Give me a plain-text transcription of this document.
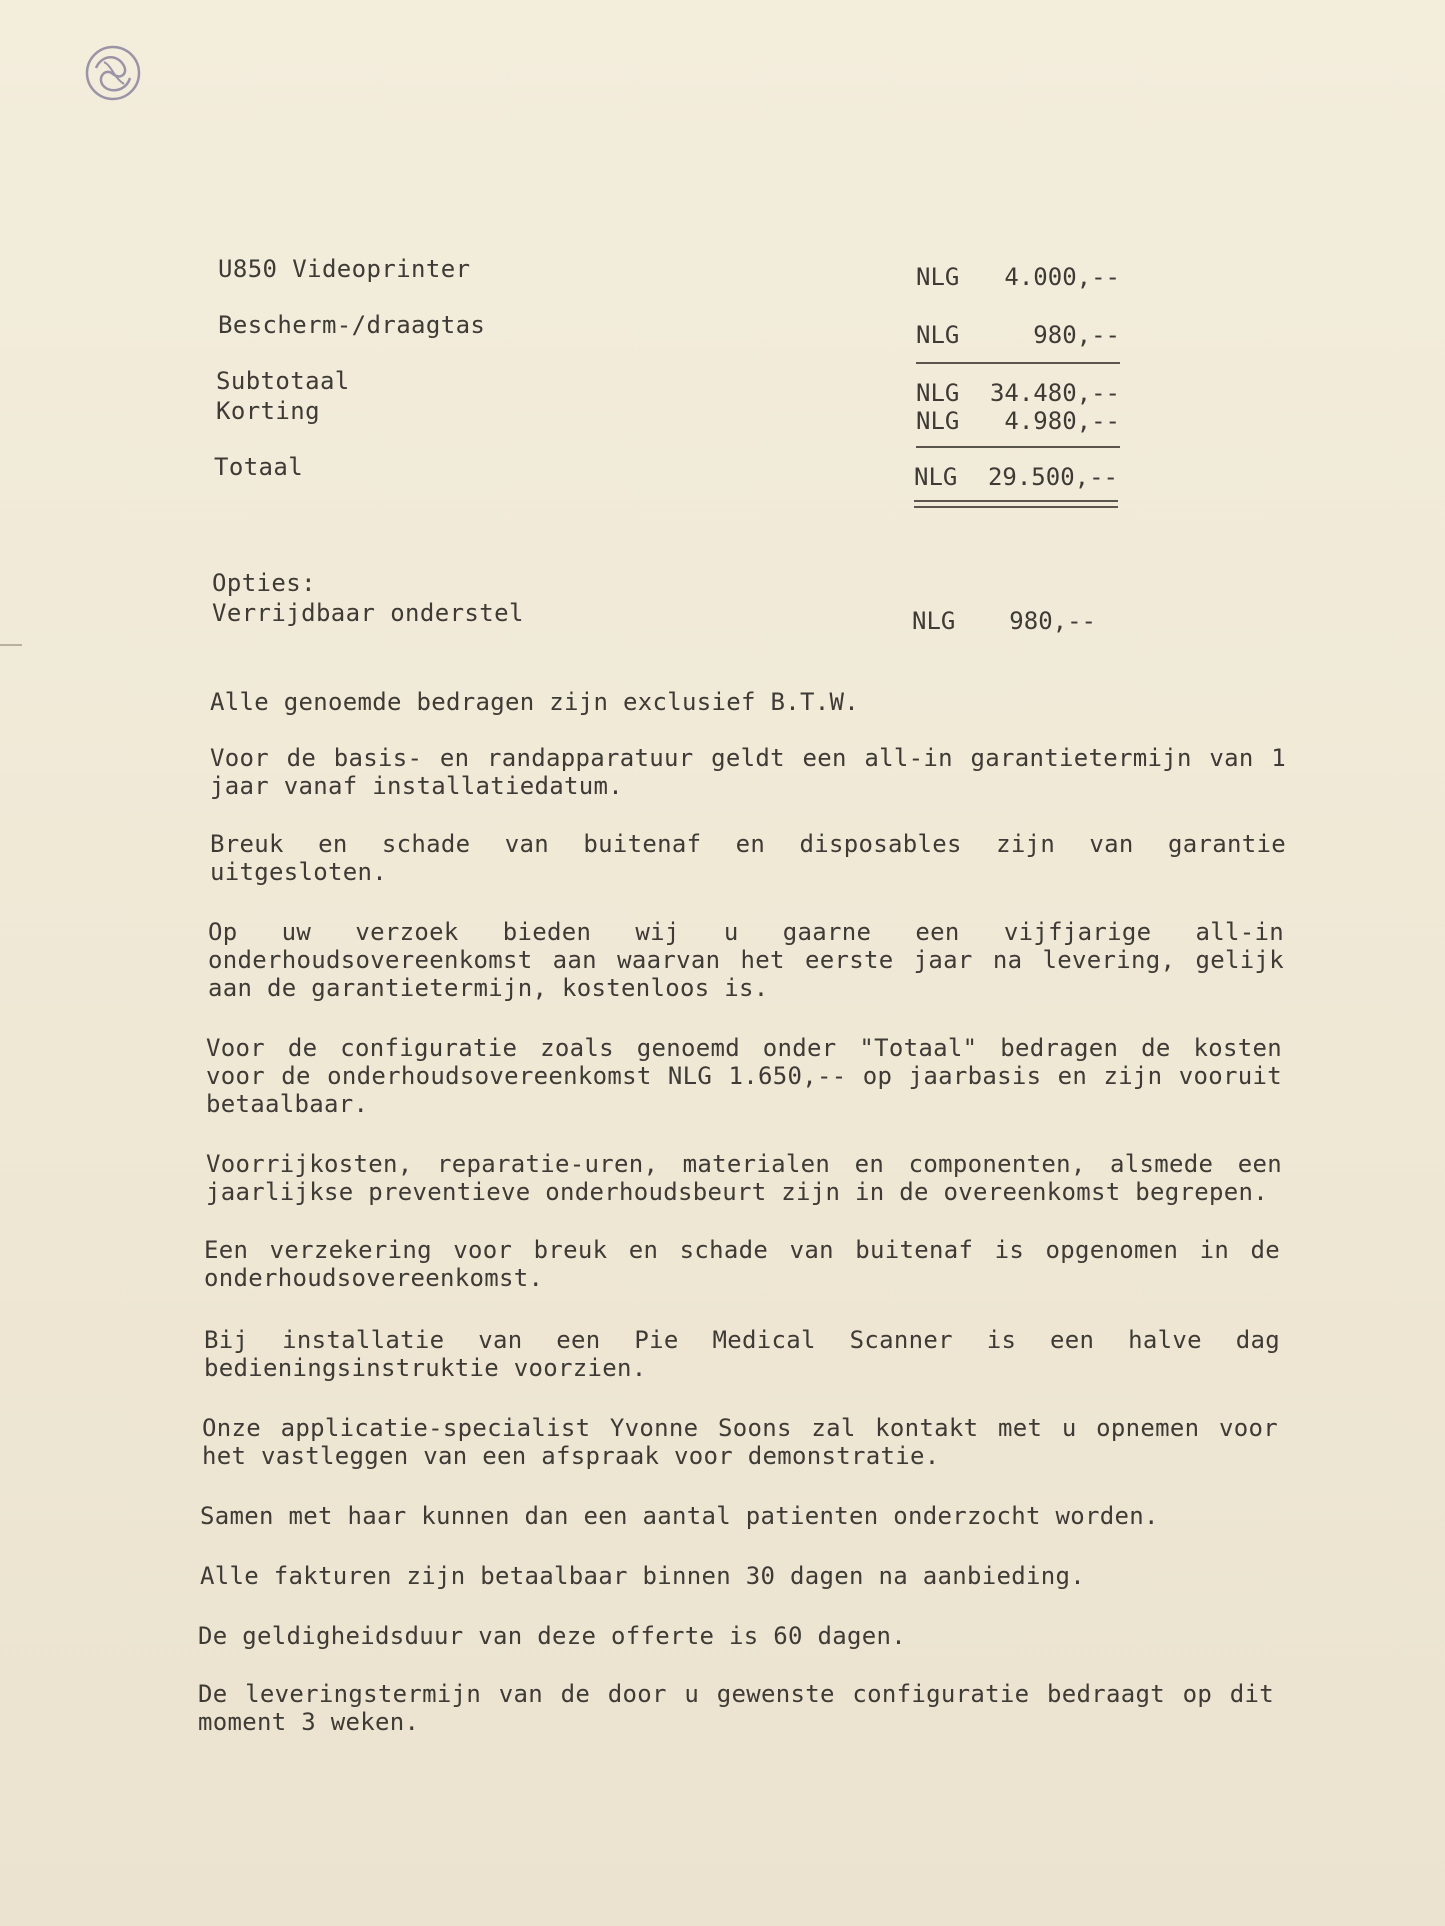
U850 Videoprinter	NLG 4.000,--
Bescherm-/draagtas	NLG	980,--
Subtotaal	NLG 34.480,--
Korting	NLG 4.980,--
Totaal	NLG 29.500,--
Opties:
Verrijdbaar onderstel	NLG 980,--
Alle genoemde bedragen zijn exclusief B.T.W.
Voor de basis- en randapparatuur geldt een all-in garantietermijn van 1 jaar vanaf installatiedatum.
Breuk en schade van buitenaf en disposables zijn van garantie uitgesloten.
Op uw verzoek bieden wij u gaarne een vijfjarige all-in onderhoudsovereenkomst aan waarvan het eerste jaar na levering, gelijk aan de garantietermijn, kostenloos is.
Voor de configuratie zoals genoemd onder "Totaal" bedragen de kosten voor de onderhoudsovereenkomst NLG 1.650,-- op jaarbasis en zijn vooruit betaalbaar.
Voorrijkosten, reparatie-uren, materialen en componenten, alsmede een jaarlijkse preventieve onderhoudsbeurt zijn in de overeenkomst begrepen.
Een verzekering voor breuk en schade van buitenaf is opgenomen in de onderhoudsovereenkomst.
Bij installatie van een Pie Medical Scanner is een halve dag bedieningsinstruktie voorzien.
Onze applicatie-specialist Yvonne Soons zal kontakt met u opnemen voor het vastleggen van een afspraak voor demonstratie.
Samen met haar kunnen dan een aantal patienten onderzocht worden.
Alle fakturen zijn betaalbaar binnen 30 dagen na aanbieding.
De geldigheidsduur van deze offerte is 60 dagen.
De leveringstermijn van de door u gewenste configuratie bedraagt op dit moment 3 weken.
